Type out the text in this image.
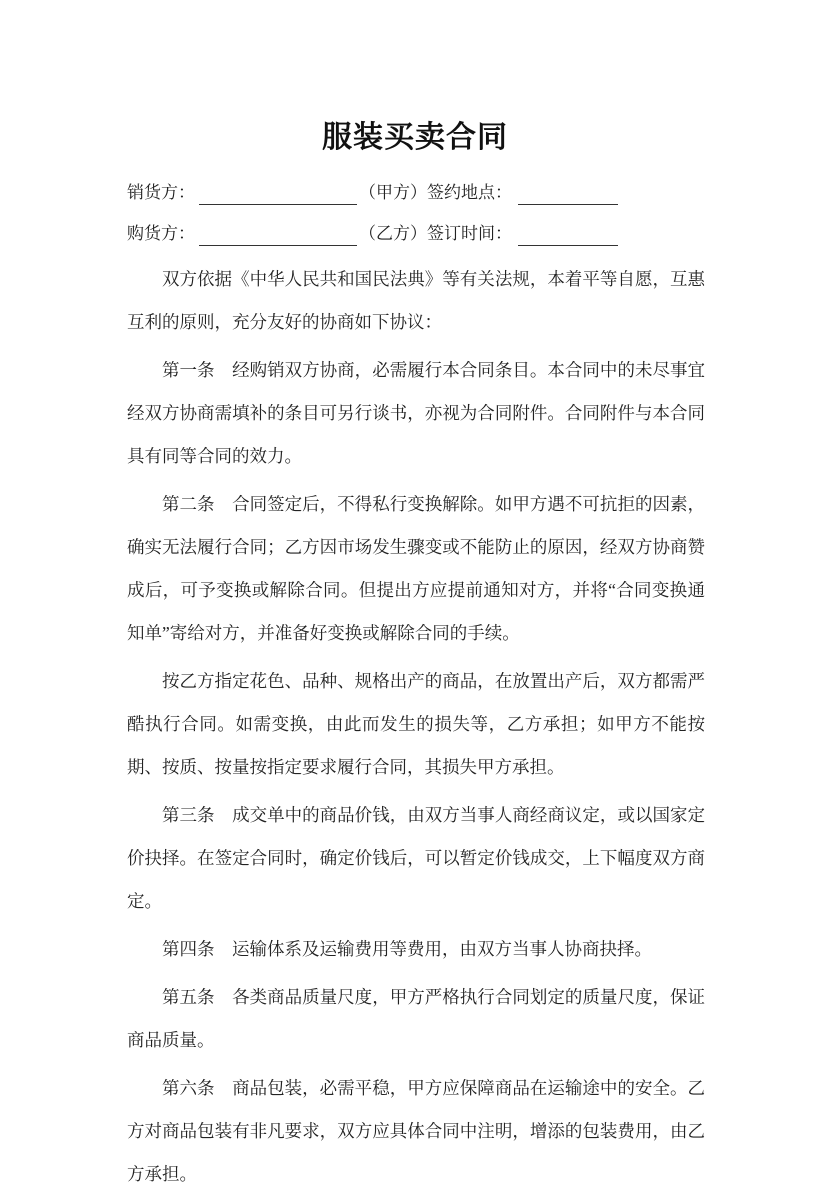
服装买卖合同
销货方：	（甲方）签约地点：
购货方：	（乙方）签订时间：

双方依据《中华人民共和国民法典》等有关法规，本着平等自愿，互惠互利的原则，充分友好的协商如下协议：

第一条 经购销双方协商，必需履行本合同条目。本合同中的未尽事宜经双方协商需填补的条目可另行谈书，亦视为合同附件。合同附件与本合同具有同等合同的效力。

第二条 合同签定后，不得私行变换解除。如甲方遇不可抗拒的因素，确实无法履行合同；乙方因市场发生骤变或不能防止的原因，经双方协商赞成后，可予变换或解除合同。但提出方应提前通知对方，并将“合同变换通知单”寄给对方，并准备好变换或解除合同的手续。

按乙方指定花色、品种、规格出产的商品，在放置出产后，双方都需严酷执行合同。如需变换，由此而发生的损失等，乙方承担；如甲方不能按期、按质、按量按指定要求履行合同，其损失甲方承担。

第三条 成交单中的商品价钱，由双方当事人商经商议定，或以国家定价抉择。在签定合同时，确定价钱后，可以暂定价钱成交，上下幅度双方商定。

第四条 运输体系及运输费用等费用，由双方当事人协商抉择。

第五条 各类商品质量尺度，甲方严格执行合同划定的质量尺度，保证商品质量。

第六条 商品包装，必需平稳，甲方应保障商品在运输途中的安全。乙方对商品包装有非凡要求，双方应具体合同中注明，增添的包装费用，由乙方承担。
